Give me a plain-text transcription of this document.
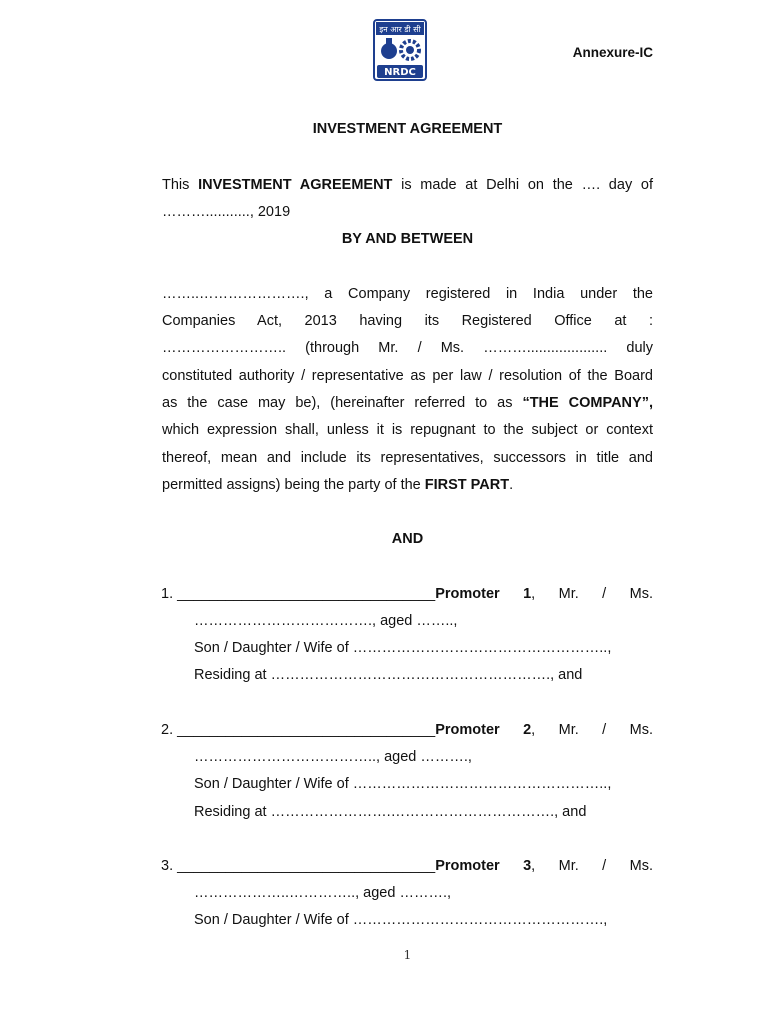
इन आर डी सी
NRDC
Annexure-IC
INVESTMENT AGREEMENT
This INVESTMENT AGREEMENT is made at Delhi on the …. day of
………..........., 2019
BY AND BETWEEN
……..…………………., a Company registered in India under the
Companies Act, 2013 having its Registered Office at :
…………………….. (through Mr. / Ms. ……….................... duly
constituted authority / representative as per law / resolution of the Board
as the case may be), (hereinafter referred to as “THE COMPANY”,
which expression shall, unless it is repugnant to the subject or context
thereof, mean and include its representatives, successors in title and
permitted assigns) being the party of the FIRST PART.
AND
1. ________________________________Promoter 1, Mr. / Ms.
………………………………., aged ……..,
Son / Daughter / Wife of ……………………………………………..,
Residing at …………………………………………………., and
2. ________________________________Promoter 2, Mr. / Ms.
……………………………….., aged ……….,
Son / Daughter / Wife of ……………………………………………..,
Residing at …………………….……………………………., and
3. ________________________________Promoter 3, Mr. / Ms.
………………..………….., aged ……….,
Son / Daughter / Wife of …………………………………………….,
1
